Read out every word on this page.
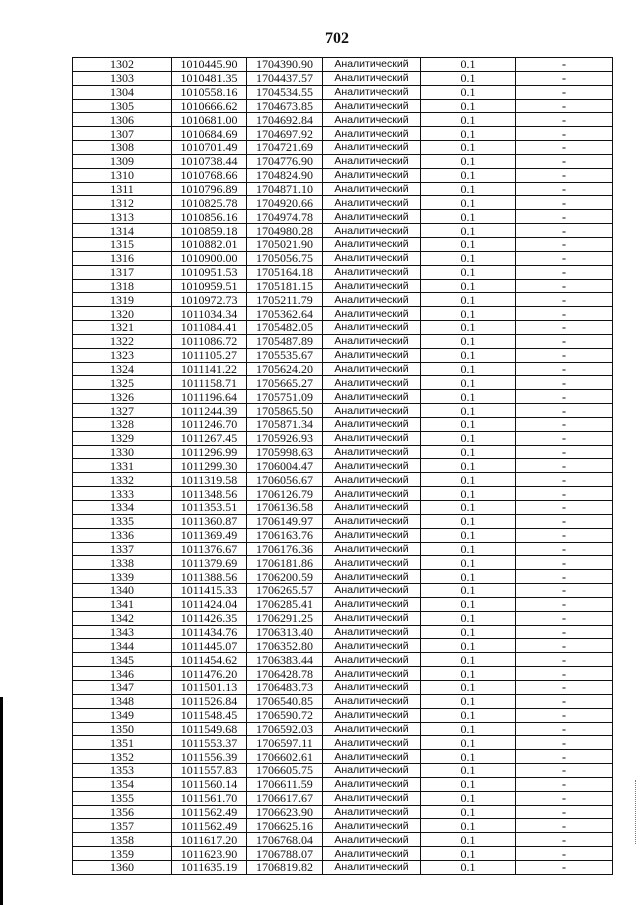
702
1302	1010445.90	1704390.90	Аналитический	0.1	-
1303	1010481.35	1704437.57	Аналитический	0.1	-
1304	1010558.16	1704534.55	Аналитический	0.1	-
1305	1010666.62	1704673.85	Аналитический	0.1	-
1306	1010681.00	1704692.84	Аналитический	0.1	-
1307	1010684.69	1704697.92	Аналитический	0.1	-
1308	1010701.49	1704721.69	Аналитический	0.1	-
1309	1010738.44	1704776.90	Аналитический	0.1	-
1310	1010768.66	1704824.90	Аналитический	0.1	-
1311	1010796.89	1704871.10	Аналитический	0.1	-
1312	1010825.78	1704920.66	Аналитический	0.1	-
1313	1010856.16	1704974.78	Аналитический	0.1	-
1314	1010859.18	1704980.28	Аналитический	0.1	-
1315	1010882.01	1705021.90	Аналитический	0.1	-
1316	1010900.00	1705056.75	Аналитический	0.1	-
1317	1010951.53	1705164.18	Аналитический	0.1	-
1318	1010959.51	1705181.15	Аналитический	0.1	-
1319	1010972.73	1705211.79	Аналитический	0.1	-
1320	1011034.34	1705362.64	Аналитический	0.1	-
1321	1011084.41	1705482.05	Аналитический	0.1	-
1322	1011086.72	1705487.89	Аналитический	0.1	-
1323	1011105.27	1705535.67	Аналитический	0.1	-
1324	1011141.22	1705624.20	Аналитический	0.1	-
1325	1011158.71	1705665.27	Аналитический	0.1	-
1326	1011196.64	1705751.09	Аналитический	0.1	-
1327	1011244.39	1705865.50	Аналитический	0.1	-
1328	1011246.70	1705871.34	Аналитический	0.1	-
1329	1011267.45	1705926.93	Аналитический	0.1	-
1330	1011296.99	1705998.63	Аналитический	0.1	-
1331	1011299.30	1706004.47	Аналитический	0.1	-
1332	1011319.58	1706056.67	Аналитический	0.1	-
1333	1011348.56	1706126.79	Аналитический	0.1	-
1334	1011353.51	1706136.58	Аналитический	0.1	-
1335	1011360.87	1706149.97	Аналитический	0.1	-
1336	1011369.49	1706163.76	Аналитический	0.1	-
1337	1011376.67	1706176.36	Аналитический	0.1	-
1338	1011379.69	1706181.86	Аналитический	0.1	-
1339	1011388.56	1706200.59	Аналитический	0.1	-
1340	1011415.33	1706265.57	Аналитический	0.1	-
1341	1011424.04	1706285.41	Аналитический	0.1	-
1342	1011426.35	1706291.25	Аналитический	0.1	-
1343	1011434.76	1706313.40	Аналитический	0.1	-
1344	1011445.07	1706352.80	Аналитический	0.1	-
1345	1011454.62	1706383.44	Аналитический	0.1	-
1346	1011476.20	1706428.78	Аналитический	0.1	-
1347	1011501.13	1706483.73	Аналитический	0.1	-
1348	1011526.84	1706540.85	Аналитический	0.1	-
1349	1011548.45	1706590.72	Аналитический	0.1	-
1350	1011549.68	1706592.03	Аналитический	0.1	-
1351	1011553.37	1706597.11	Аналитический	0.1	-
1352	1011556.39	1706602.61	Аналитический	0.1	-
1353	1011557.83	1706605.75	Аналитический	0.1	-
1354	1011560.14	1706611.59	Аналитический	0.1	-
1355	1011561.70	1706617.67	Аналитический	0.1	-
1356	1011562.49	1706623.90	Аналитический	0.1	-
1357	1011562.49	1706625.16	Аналитический	0.1	-
1358	1011617.20	1706768.04	Аналитический	0.1	-
1359	1011623.90	1706788.07	Аналитический	0.1	-
1360	1011635.19	1706819.82	Аналитический	0.1	-
